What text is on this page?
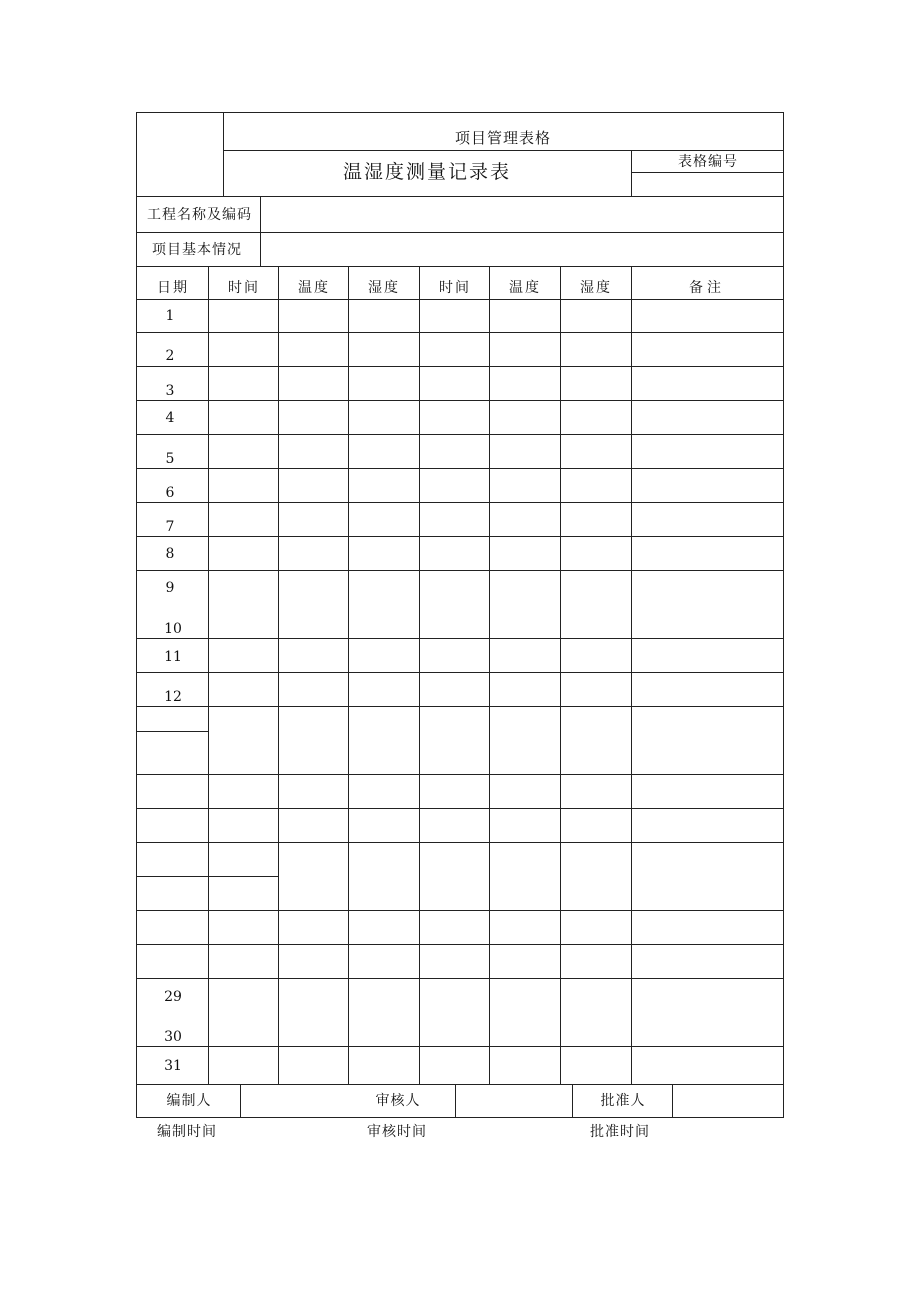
项目管理表格
温湿度测量记录表	表格编号
工程名称及编码
项目基本情况
日期	时间	温度	湿度	时间	温度	湿度	备注
1
2
3
4
5
6
7
8
9
10
11
12
29
30
31
编制人	审核人	批准人
编制时间	审核时间	批准时间
